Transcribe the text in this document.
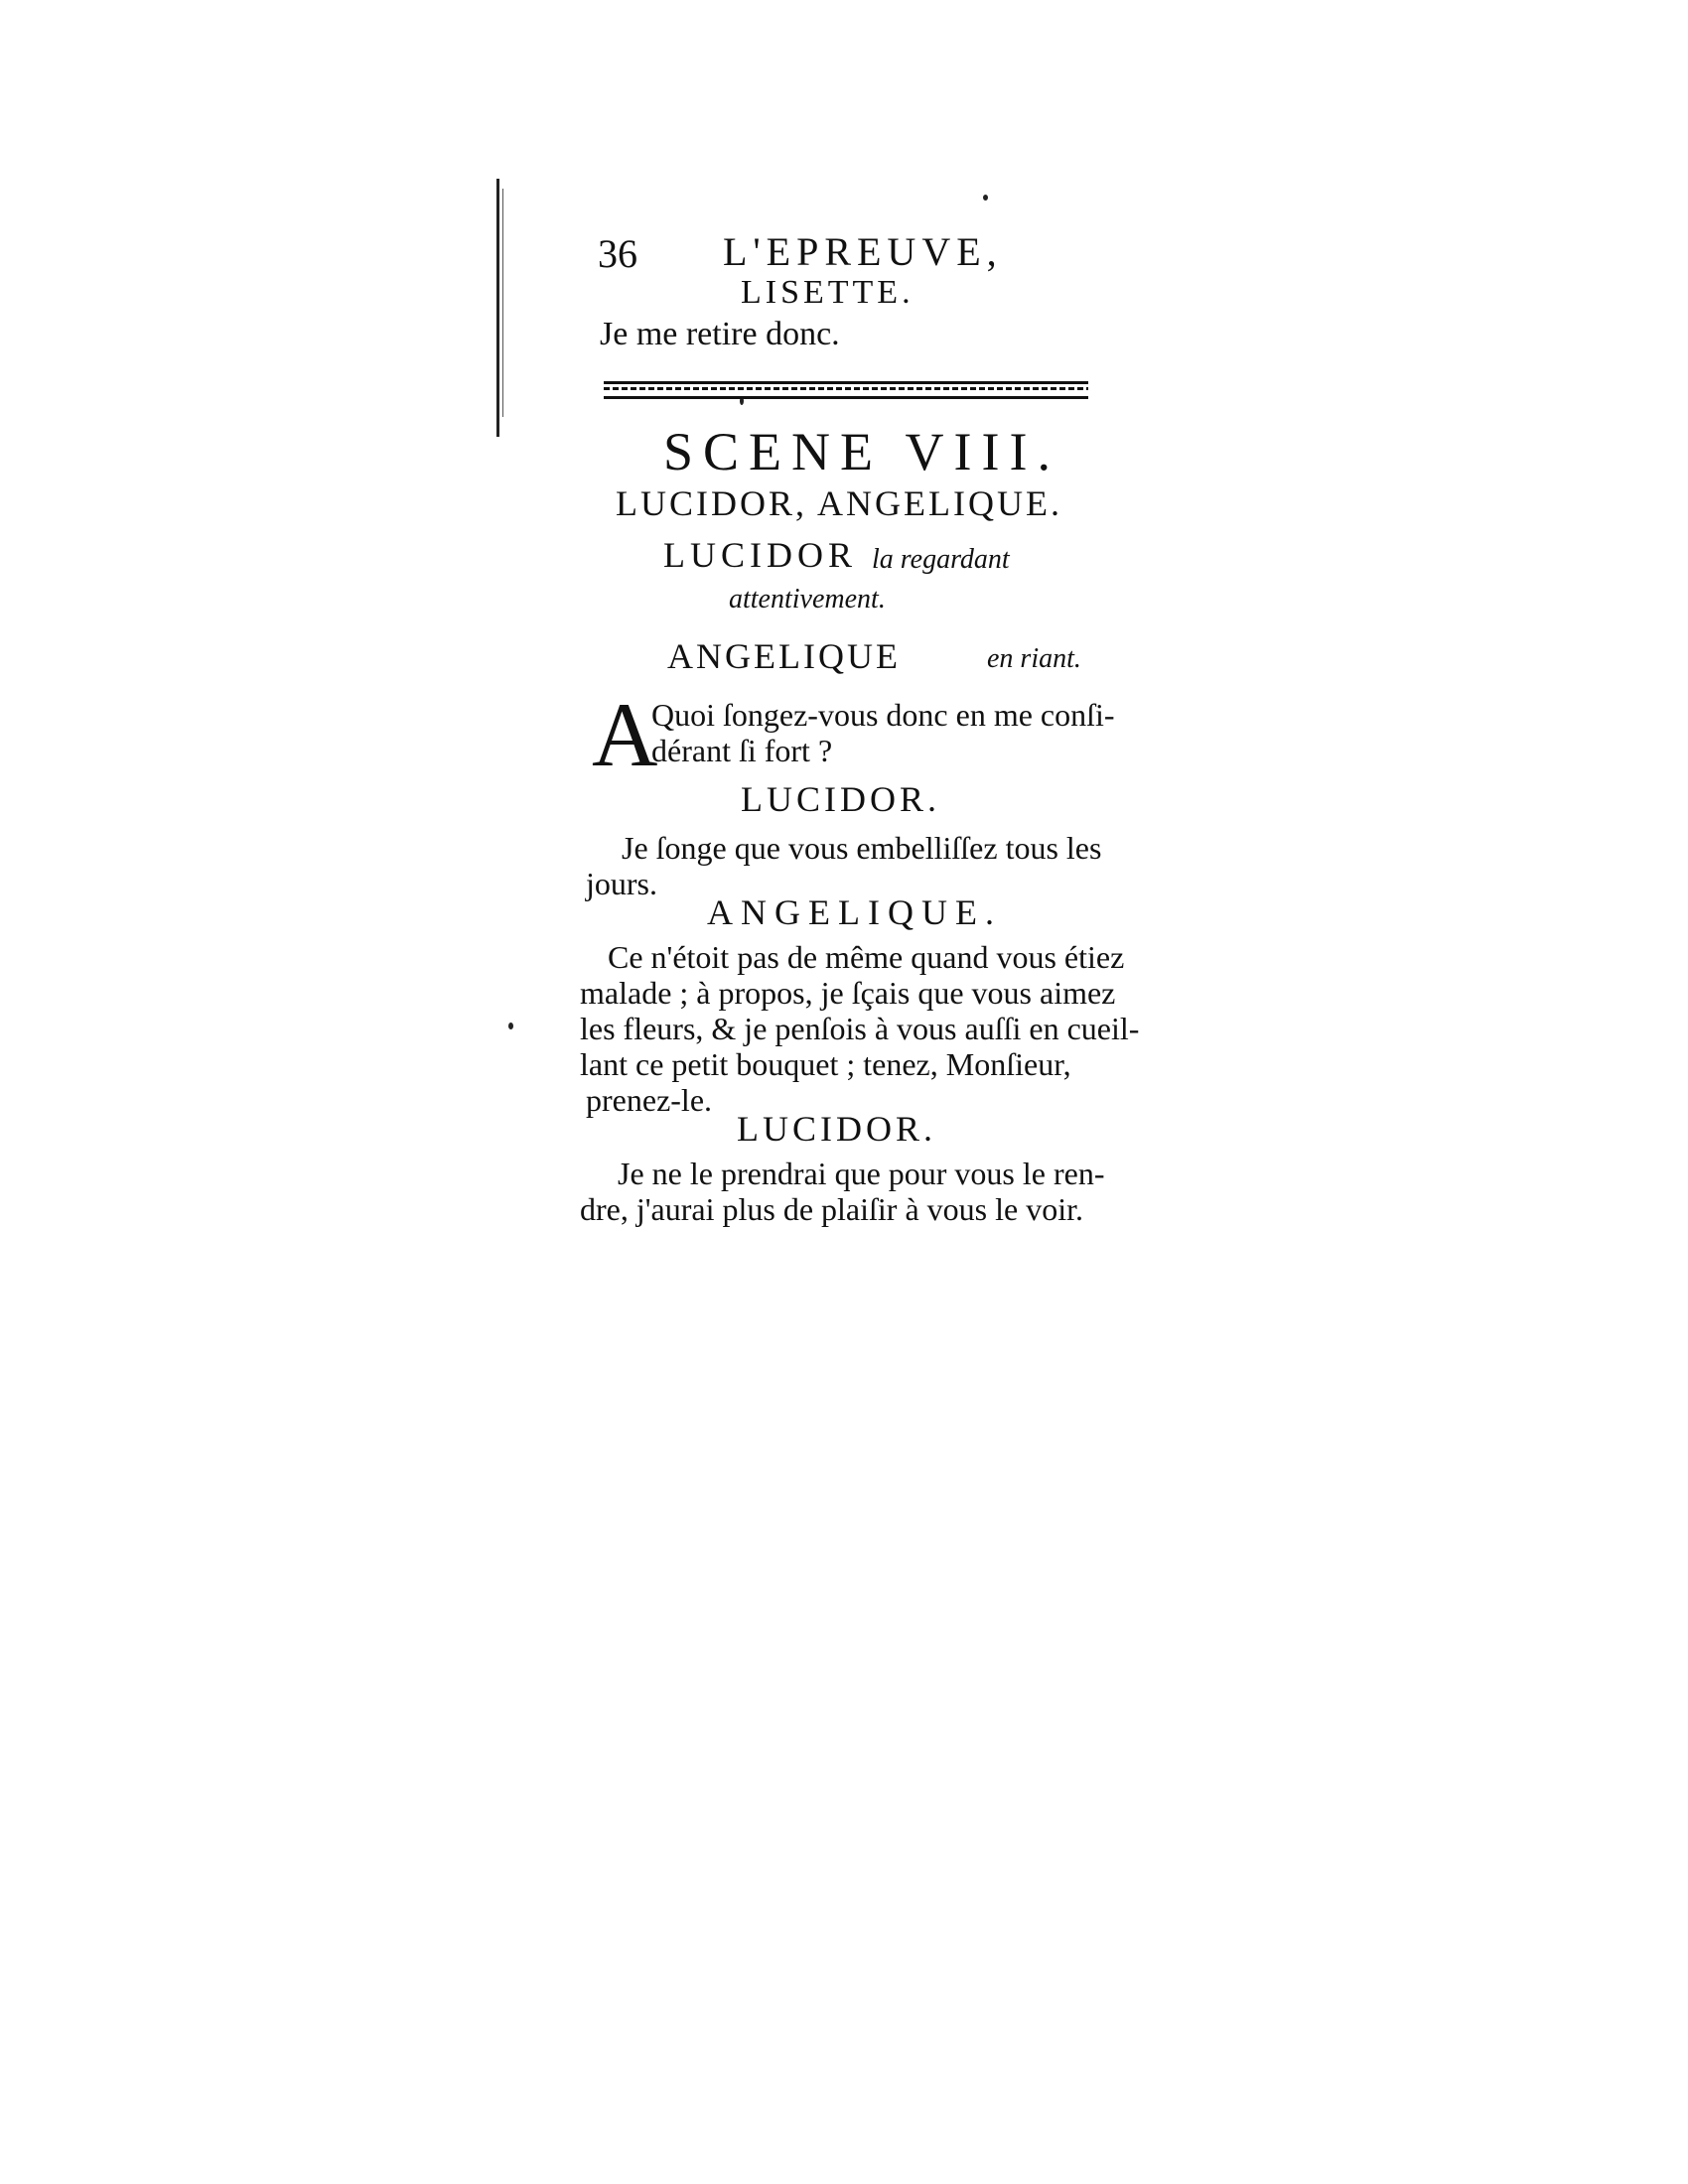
36 L'EPREUVE,
LISETTE.
Je me retire donc.
SCENE VIII.
LUCIDOR, ANGELIQUE.
LUCIDOR la regardant
attentivement.
ANGELIQUE	en riant.
A
Quoi ſongez-vous donc en me conſi-
dérant ſi fort ?
LUCIDOR.
Je ſonge que vous embelliſſez tous les
jours.
ANGELIQUE.
Ce n'étoit pas de même quand vous étiez
malade ; à propos, je ſçais que vous aimez
les fleurs, & je penſois à vous auſſi en cueil-
lant ce petit bouquet ; tenez, Monſieur,
prenez-le.
LUCIDOR.
Je ne le prendrai que pour vous le ren-
dre, j'aurai plus de plaiſir à vous le voir.
